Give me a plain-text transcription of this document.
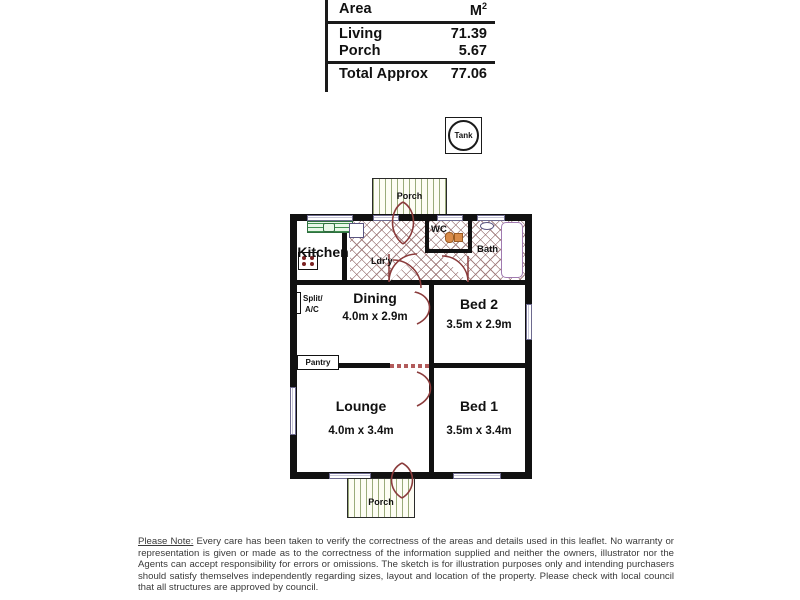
Area	$M^2$
Living	71.39
Porch	5.67
Total Approx 77.06
Tank
Porch
Porch
Pantry
Kitchen
Split/
A/C
Dining
4.0m x 2.9m
Bed 2
3.5m x 2.9m
Lounge
4.0m x 3.4m
Bed 1
3.5m x 3.4m
Ldr'y
WC
Bath
Please Note: Every care has been taken to verify the correctness of the areas and details used in this leaflet. No warranty or representation is given or made as to the correctness of the information supplied and neither the owners, illustrator nor the Agents can accept responsibility for errors or omissions. The sketch is for illustration purposes only and intending purchasers should satisfy themselves independently regarding sizes, layout and location of the property. Please check with local council that all structures are approved by council.
